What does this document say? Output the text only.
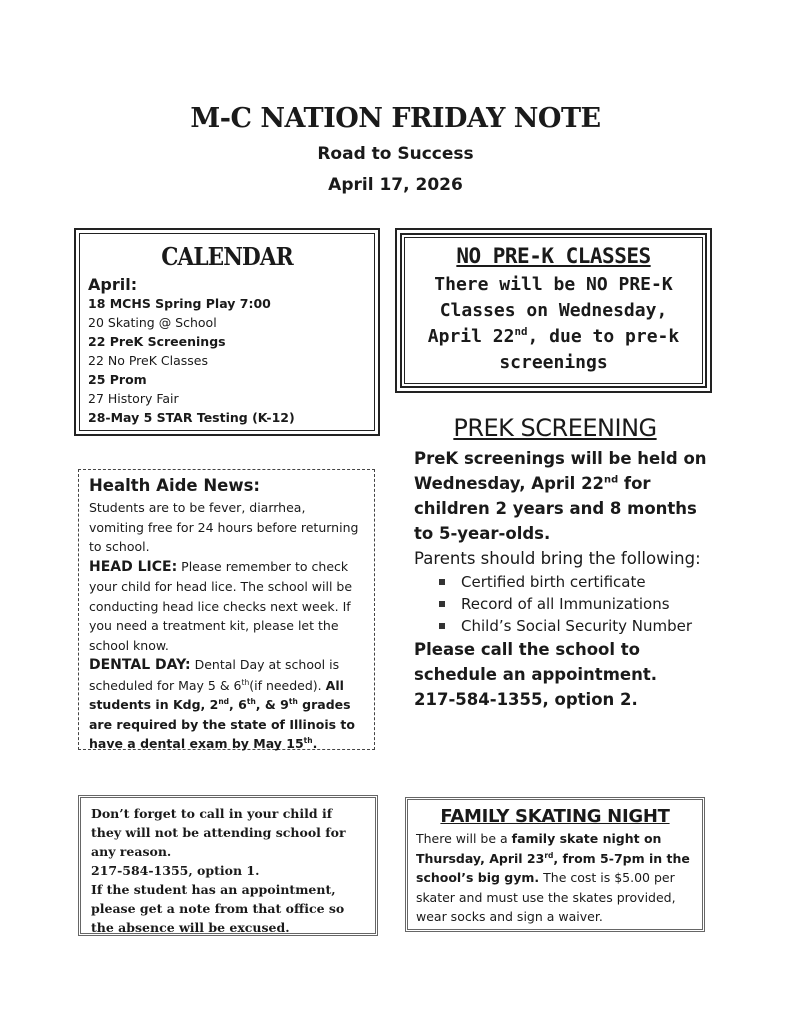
M-C NATION FRIDAY NOTE
Road to Success
April 17, 2026
CALENDAR
April:
18 MCHS Spring Play 7:00
20 Skating @ School
22 PreK Screenings
22 No PreK Classes
25 Prom
27 History Fair
28-May 5 STAR Testing (K-12)
NO PRE-K CLASSES
There will be NO PRE-K Classes on Wednesday, April 22nd, due to pre-k screenings
PREK SCREENING
PreK screenings will be held on Wednesday, April 22nd for children 2 years and 8 months to 5-year-olds.
Parents should bring the following:
Certified birth certificate
Record of all Immunizations
Child’s Social Security Number
Please call the school to schedule an appointment.
217-584-1355, option 2.
Health Aide News:
Students are to be fever, diarrhea, vomiting free for 24 hours before returning to school.
HEAD LICE: Please remember to check your child for head lice. The school will be conducting head lice checks next week. If you need a treatment kit, please let the school know.
DENTAL DAY: Dental Day at school is scheduled for May 5 & 6th(if needed). All students in Kdg, 2nd, 6th, & 9th grades are required by the state of Illinois to have a dental exam by May 15th.
Don’t forget to call in your child if they will not be attending school for any reason.
217-584-1355, option 1.
If the student has an appointment, please get a note from that office so the absence will be excused.
FAMILY SKATING NIGHT
There will be a family skate night on Thursday, April 23rd, from 5-7pm in the school’s big gym. The cost is $5.00 per skater and must use the skates provided, wear socks and sign a waiver.
